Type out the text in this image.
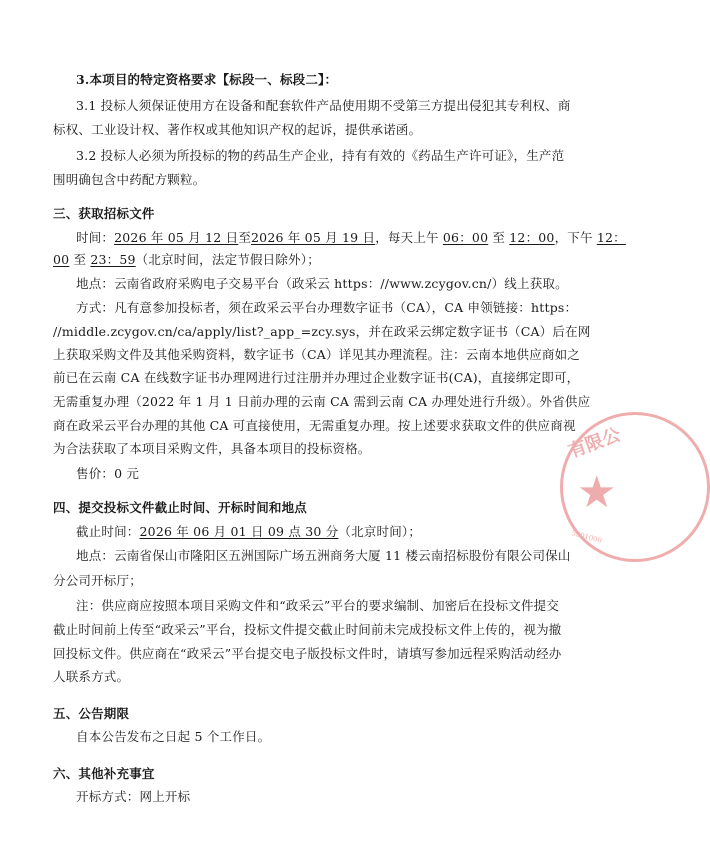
3.本项目的特定资格要求【标段一、标段二】：
3.1 投标人须保证使用方在设备和配套软件产品使用期不受第三方提出侵犯其专利权、商
标权、工业设计权、著作权或其他知识产权的起诉，提供承诺函。
3.2 投标人必须为所投标的物的药品生产企业，持有有效的《药品生产许可证》，生产范
围明确包含中药配方颗粒。
三、获取招标文件
时间：2026 年 05 月 12 日至2026 年 05 月 19 日，每天上午 06：00 至 12：00，下午 12：
00 至 23：59（北京时间，法定节假日除外）；
地点：云南省政府采购电子交易平台（政采云 https：//www.zcygov.cn/）线上获取。
方式：凡有意参加投标者，须在政采云平台办理数字证书（CA），CA 申领链接：https：
//middle.zcygov.cn/ca/apply/list?_app_=zcy.sys，并在政采云绑定数字证书（CA）后在网
上获取采购文件及其他采购资料，数字证书（CA）详见其办理流程。注：云南本地供应商如之
前已在云南 CA 在线数字证书办理网进行过注册并办理过企业数字证书(CA)，直接绑定即可，
无需重复办理（2022 年 1 月 1 日前办理的云南 CA 需到云南 CA 办理处进行升级）。外省供应
商在政采云平台办理的其他 CA 可直接使用，无需重复办理。按上述要求获取文件的供应商视
为合法获取了本项目采购文件，具备本项目的投标资格。
售价：0 元
四、提交投标文件截止时间、开标时间和地点
截止时间：2026 年 06 月 01 日 09 点 30 分（北京时间）；
地点：云南省保山市隆阳区五洲国际广场五洲商务大厦 11 楼云南招标股份有限公司保山
分公司开标厅；
注：供应商应按照本项目采购文件和“政采云”平台的要求编制、加密后在投标文件提交
截止时间前上传至“政采云”平台，投标文件提交截止时间前未完成投标文件上传的，视为撤
回投标文件。供应商在“政采云”平台提交电子版投标文件时，请填写参加远程采购活动经办
人联系方式。
五、公告期限
自本公告发布之日起 5 个工作日。
六、其他补充事宜
开标方式：网上开标
有限公
★
5301000
